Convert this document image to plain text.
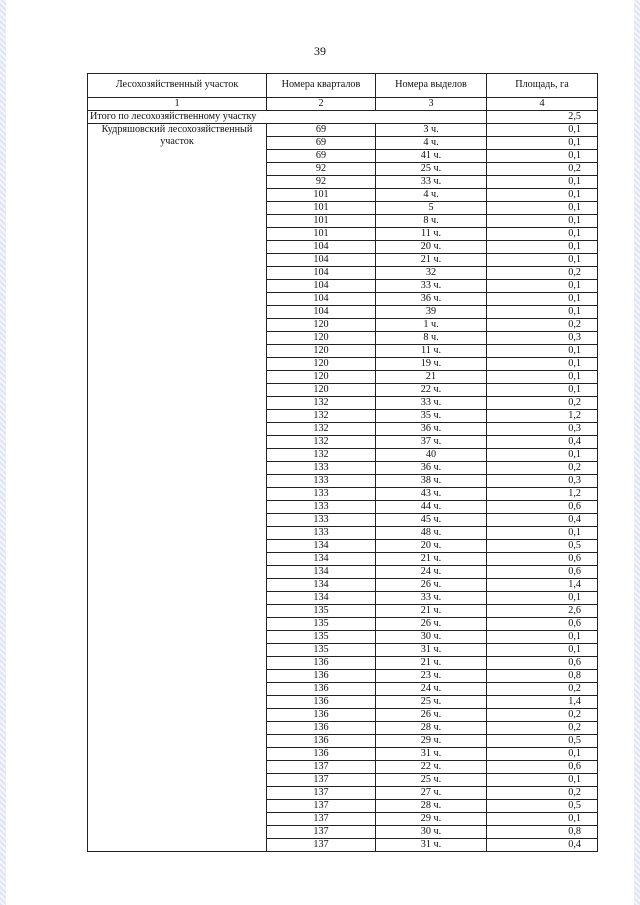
39
Лесохозяйственный участок	Номера кварталов	Номера выделов	Площадь, га
1	2	3	4
Итого по лесохозяйственному участку			2,5
Кудряшовский лесохозяйственный участок	69	3 ч.	0,1
	69	4 ч.	0,1
	69	41 ч.	0,1
	92	25 ч.	0,2
	92	33 ч.	0,1
	101	4 ч.	0,1
	101	5	0,1
	101	8 ч.	0,1
	101	11 ч.	0,1
	104	20 ч.	0,1
	104	21 ч.	0,1
	104	32	0,2
	104	33 ч.	0,1
	104	36 ч.	0,1
	104	39	0,1
	120	1 ч.	0,2
	120	8 ч.	0,3
	120	11 ч.	0,1
	120	19 ч.	0,1
	120	21	0,1
	120	22 ч.	0,1
	132	33 ч.	0,2
	132	35 ч.	1,2
	132	36 ч.	0,3
	132	37 ч.	0,4
	132	40	0,1
	133	36 ч.	0,2
	133	38 ч.	0,3
	133	43 ч.	1,2
	133	44 ч.	0,6
	133	45 ч.	0,4
	133	48 ч.	0,1
	134	20 ч.	0,5
	134	21 ч.	0,6
	134	24 ч.	0,6
	134	26 ч.	1,4
	134	33 ч.	0,1
	135	21 ч.	2,6
	135	26 ч.	0,6
	135	30 ч.	0,1
	135	31 ч.	0,1
	136	21 ч.	0,6
	136	23 ч.	0,8
	136	24 ч.	0,2
	136	25 ч.	1,4
	136	26 ч.	0,2
	136	28 ч.	0,2
	136	29 ч.	0,5
	136	31 ч.	0,1
	137	22 ч.	0,6
	137	25 ч.	0,1
	137	27 ч.	0,2
	137	28 ч.	0,5
	137	29 ч.	0,1
	137	30 ч.	0,8
	137	31 ч.	0,4
